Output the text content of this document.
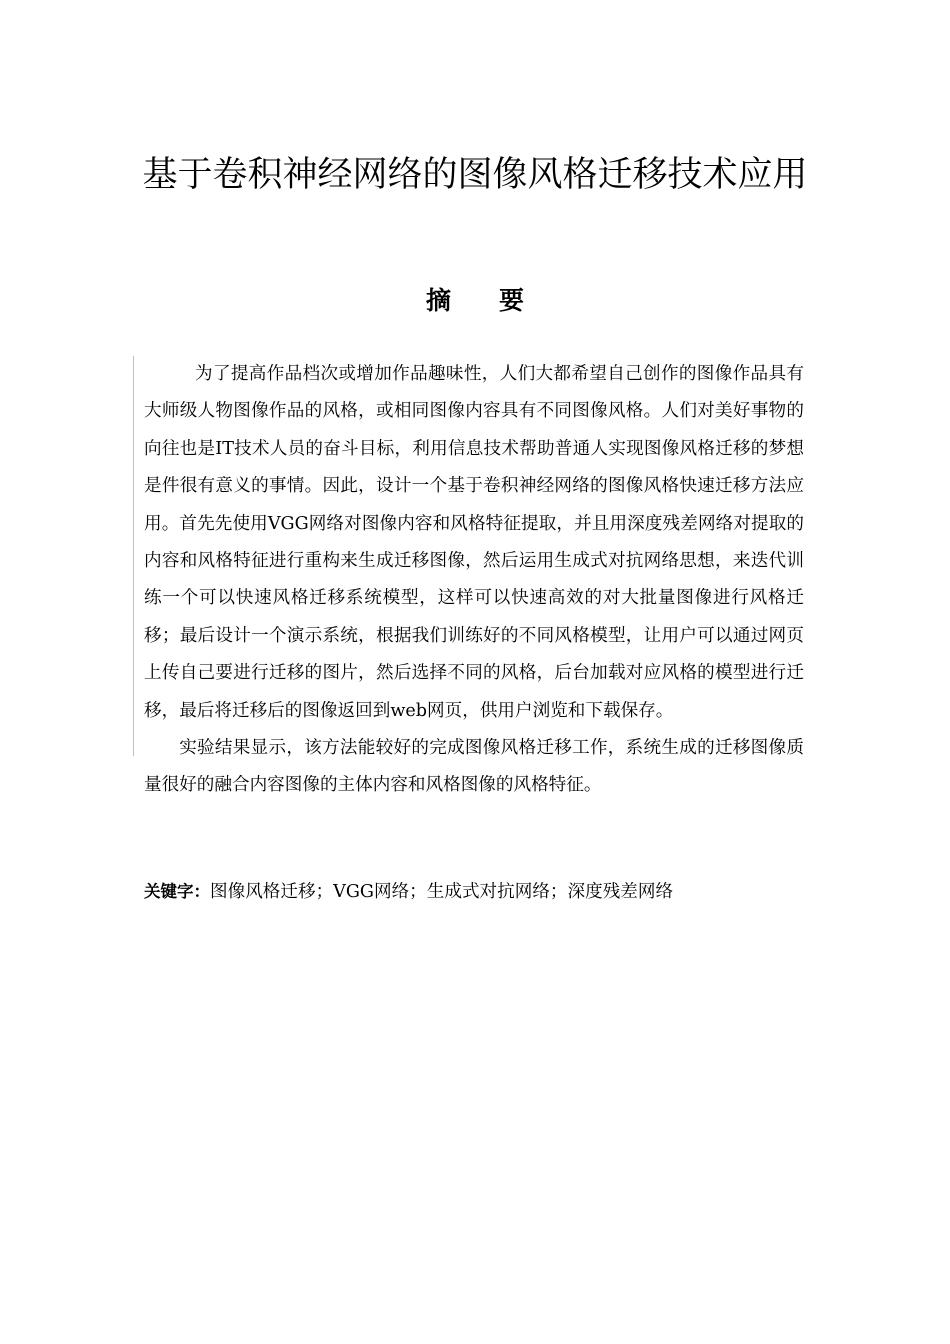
基于卷积神经网络的图像风格迁移技术应用
摘 要

为了提高作品档次或增加作品趣味性，人们大都希望自己创作的图像作品具有大师级人物图像作品的风格，或相同图像内容具有不同图像风格。人们对美好事物的向往也是IT技术人员的奋斗目标，利用信息技术帮助普通人实现图像风格迁移的梦想是件很有意义的事情。因此，设计一个基于卷积神经网络的图像风格快速迁移方法应用。首先先使用VGG网络对图像内容和风格特征提取，并且用深度残差网络对提取的内容和风格特征进行重构来生成迁移图像，然后运用生成式对抗网络思想，来迭代训练一个可以快速风格迁移系统模型，这样可以快速高效的对大批量图像进行风格迁移；最后设计一个演示系统，根据我们训练好的不同风格模型，让用户可以通过网页上传自己要进行迁移的图片，然后选择不同的风格，后台加载对应风格的模型进行迁移，最后将迁移后的图像返回到web网页，供用户浏览和下载保存。

实验结果显示，该方法能较好的完成图像风格迁移工作，系统生成的迁移图像质量很好的融合内容图像的主体内容和风格图像的风格特征。

关键字：图像风格迁移；VGG网络；生成式对抗网络；深度残差网络
